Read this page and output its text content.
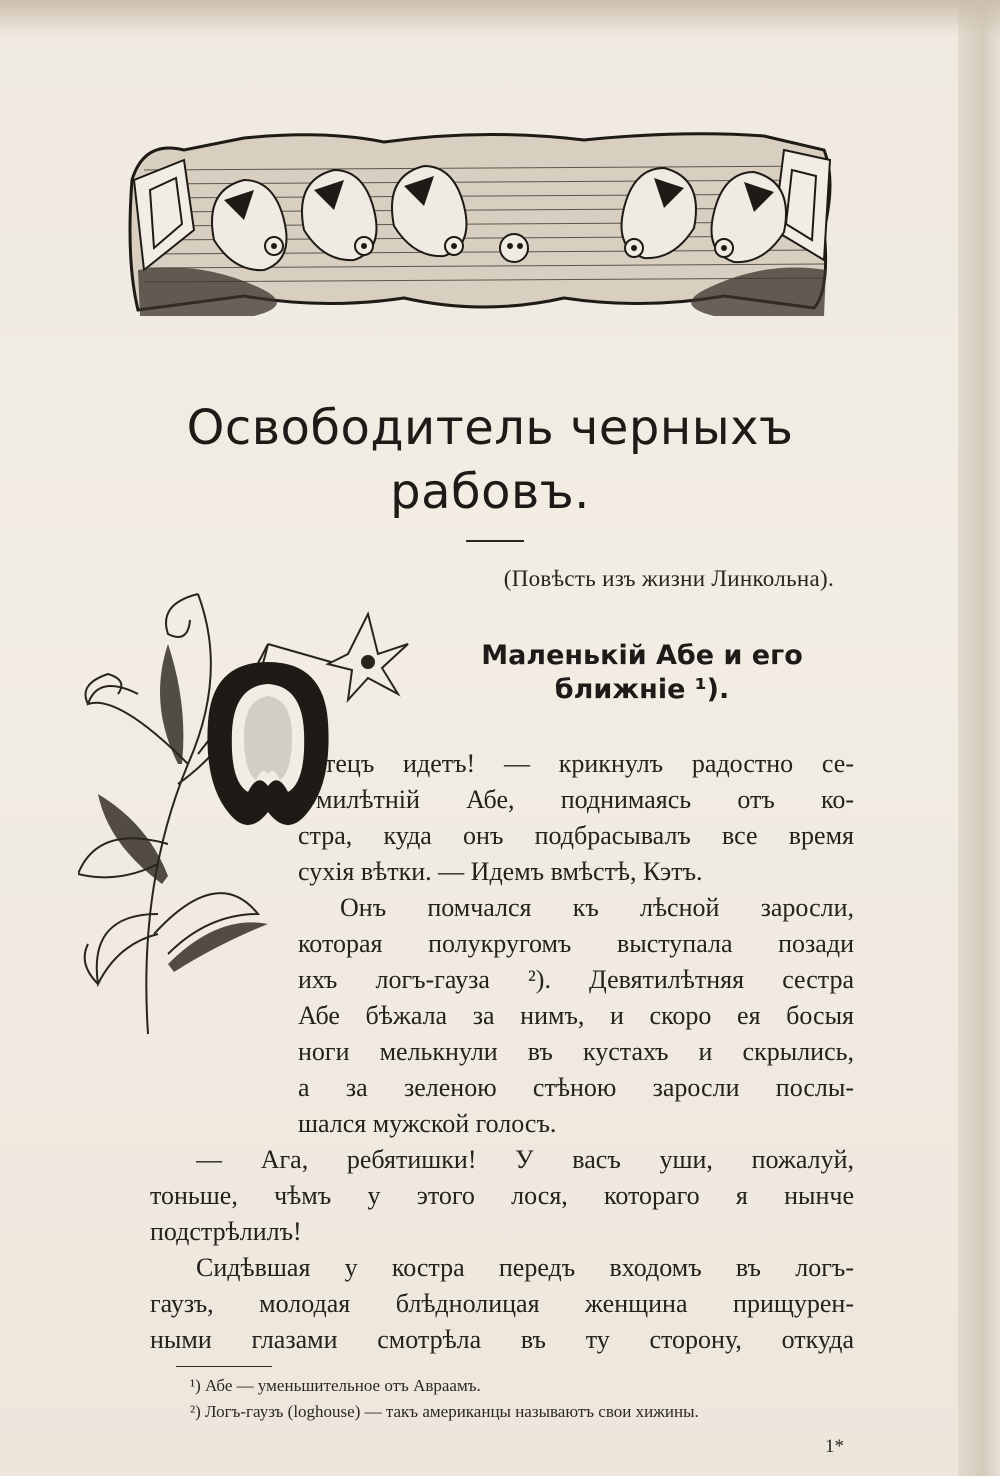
Освободитель черныхъ
рабовъ.
(Повѣсть изъ жизни Линкольна).
Маленькій Абе и его
ближніе ¹).
тецъ идетъ! — крикнулъ радостно се-
милѣтній Абе, поднимаясь отъ ко-
стра, куда онъ подбрасывалъ все время
сухія вѣтки. — Идемъ вмѣстѣ, Кэтъ.
Онъ помчался къ лѣсной заросли,
которая полукругомъ выступала позади
ихъ логъ-гауза ²). Девятилѣтняя сестра
Абе бѣжала за нимъ, и скоро ея босыя
ноги мелькнули въ кустахъ и скрылись,
а за зеленою стѣною заросли послы-
шался мужской голосъ.
— Ага, ребятишки! У васъ уши, пожалуй,
тоньше, чѣмъ у этого лося, котораго я нынче
подстрѣлилъ!
Сидѣвшая у костра передъ входомъ въ логъ-
гаузъ, молодая блѣднолицая женщина прищурен-
ными глазами смотрѣла въ ту сторону, откуда
¹) Абе — уменьшительное отъ Авраамъ.
²) Логъ-гаузъ (loghouse) — такъ американцы называютъ свои хижины.
1*
